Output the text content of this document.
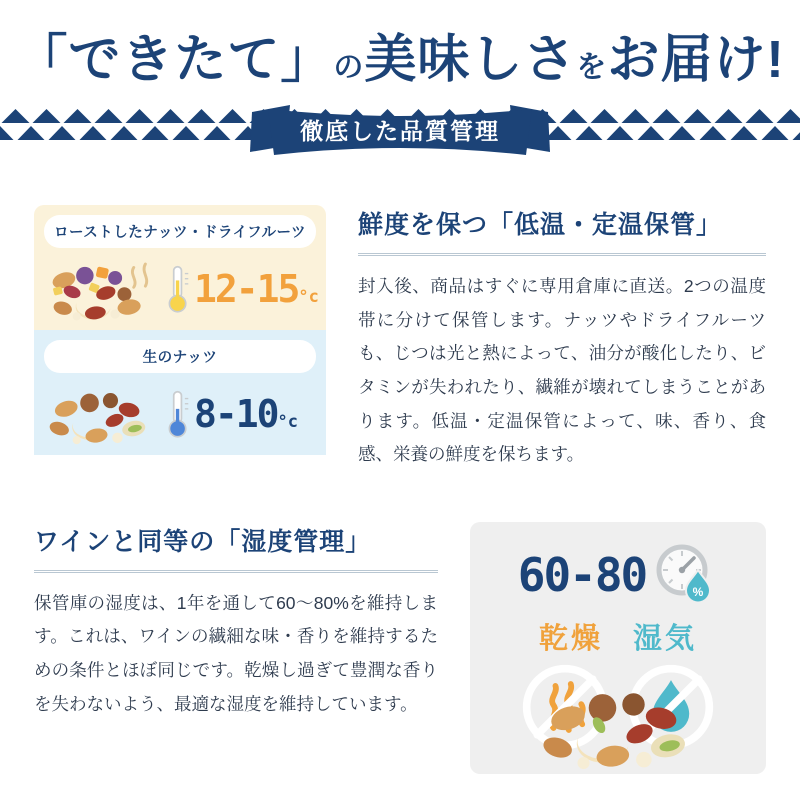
「できたて」の美味しさをお届け!
徹底した品質管理
ローストしたナッツ・ドライフルーツ
12-15°c
生のナッツ
8-10°c
鮮度を保つ「低温・定温保管」

封入後、商品はすぐに専用倉庫に直送。2つの温度帯に分けて保管します。ナッツやドライフルーツも、じつは光と熱によって、油分が酸化したり、ビタミンが失われたり、繊維が壊れてしまうことがあります。低温・定温保管によって、味、香り、食感、栄養の鮮度を保ちます。

ワインと同等の「湿度管理」

保管庫の湿度は、1年を通して60〜80%を維持します。これは、ワインの繊細な味・香りを維持するための条件とほぼ同じです。乾燥し過ぎて豊潤な香りを失わないよう、最適な湿度を維持しています。

60-80	%
乾燥 湿気
